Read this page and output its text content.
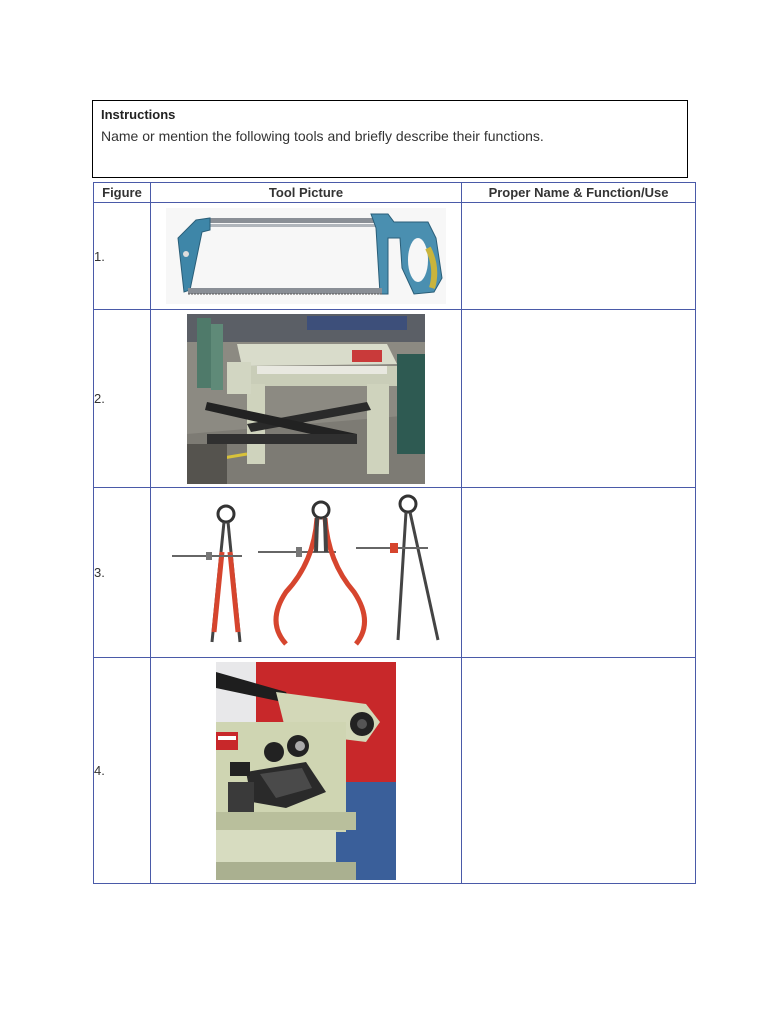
Instructions
Name or mention the following tools and briefly describe their functions.
Figure	Tool Picture	Proper Name & Function/Use
1.	

2.	

3.	

4.	
